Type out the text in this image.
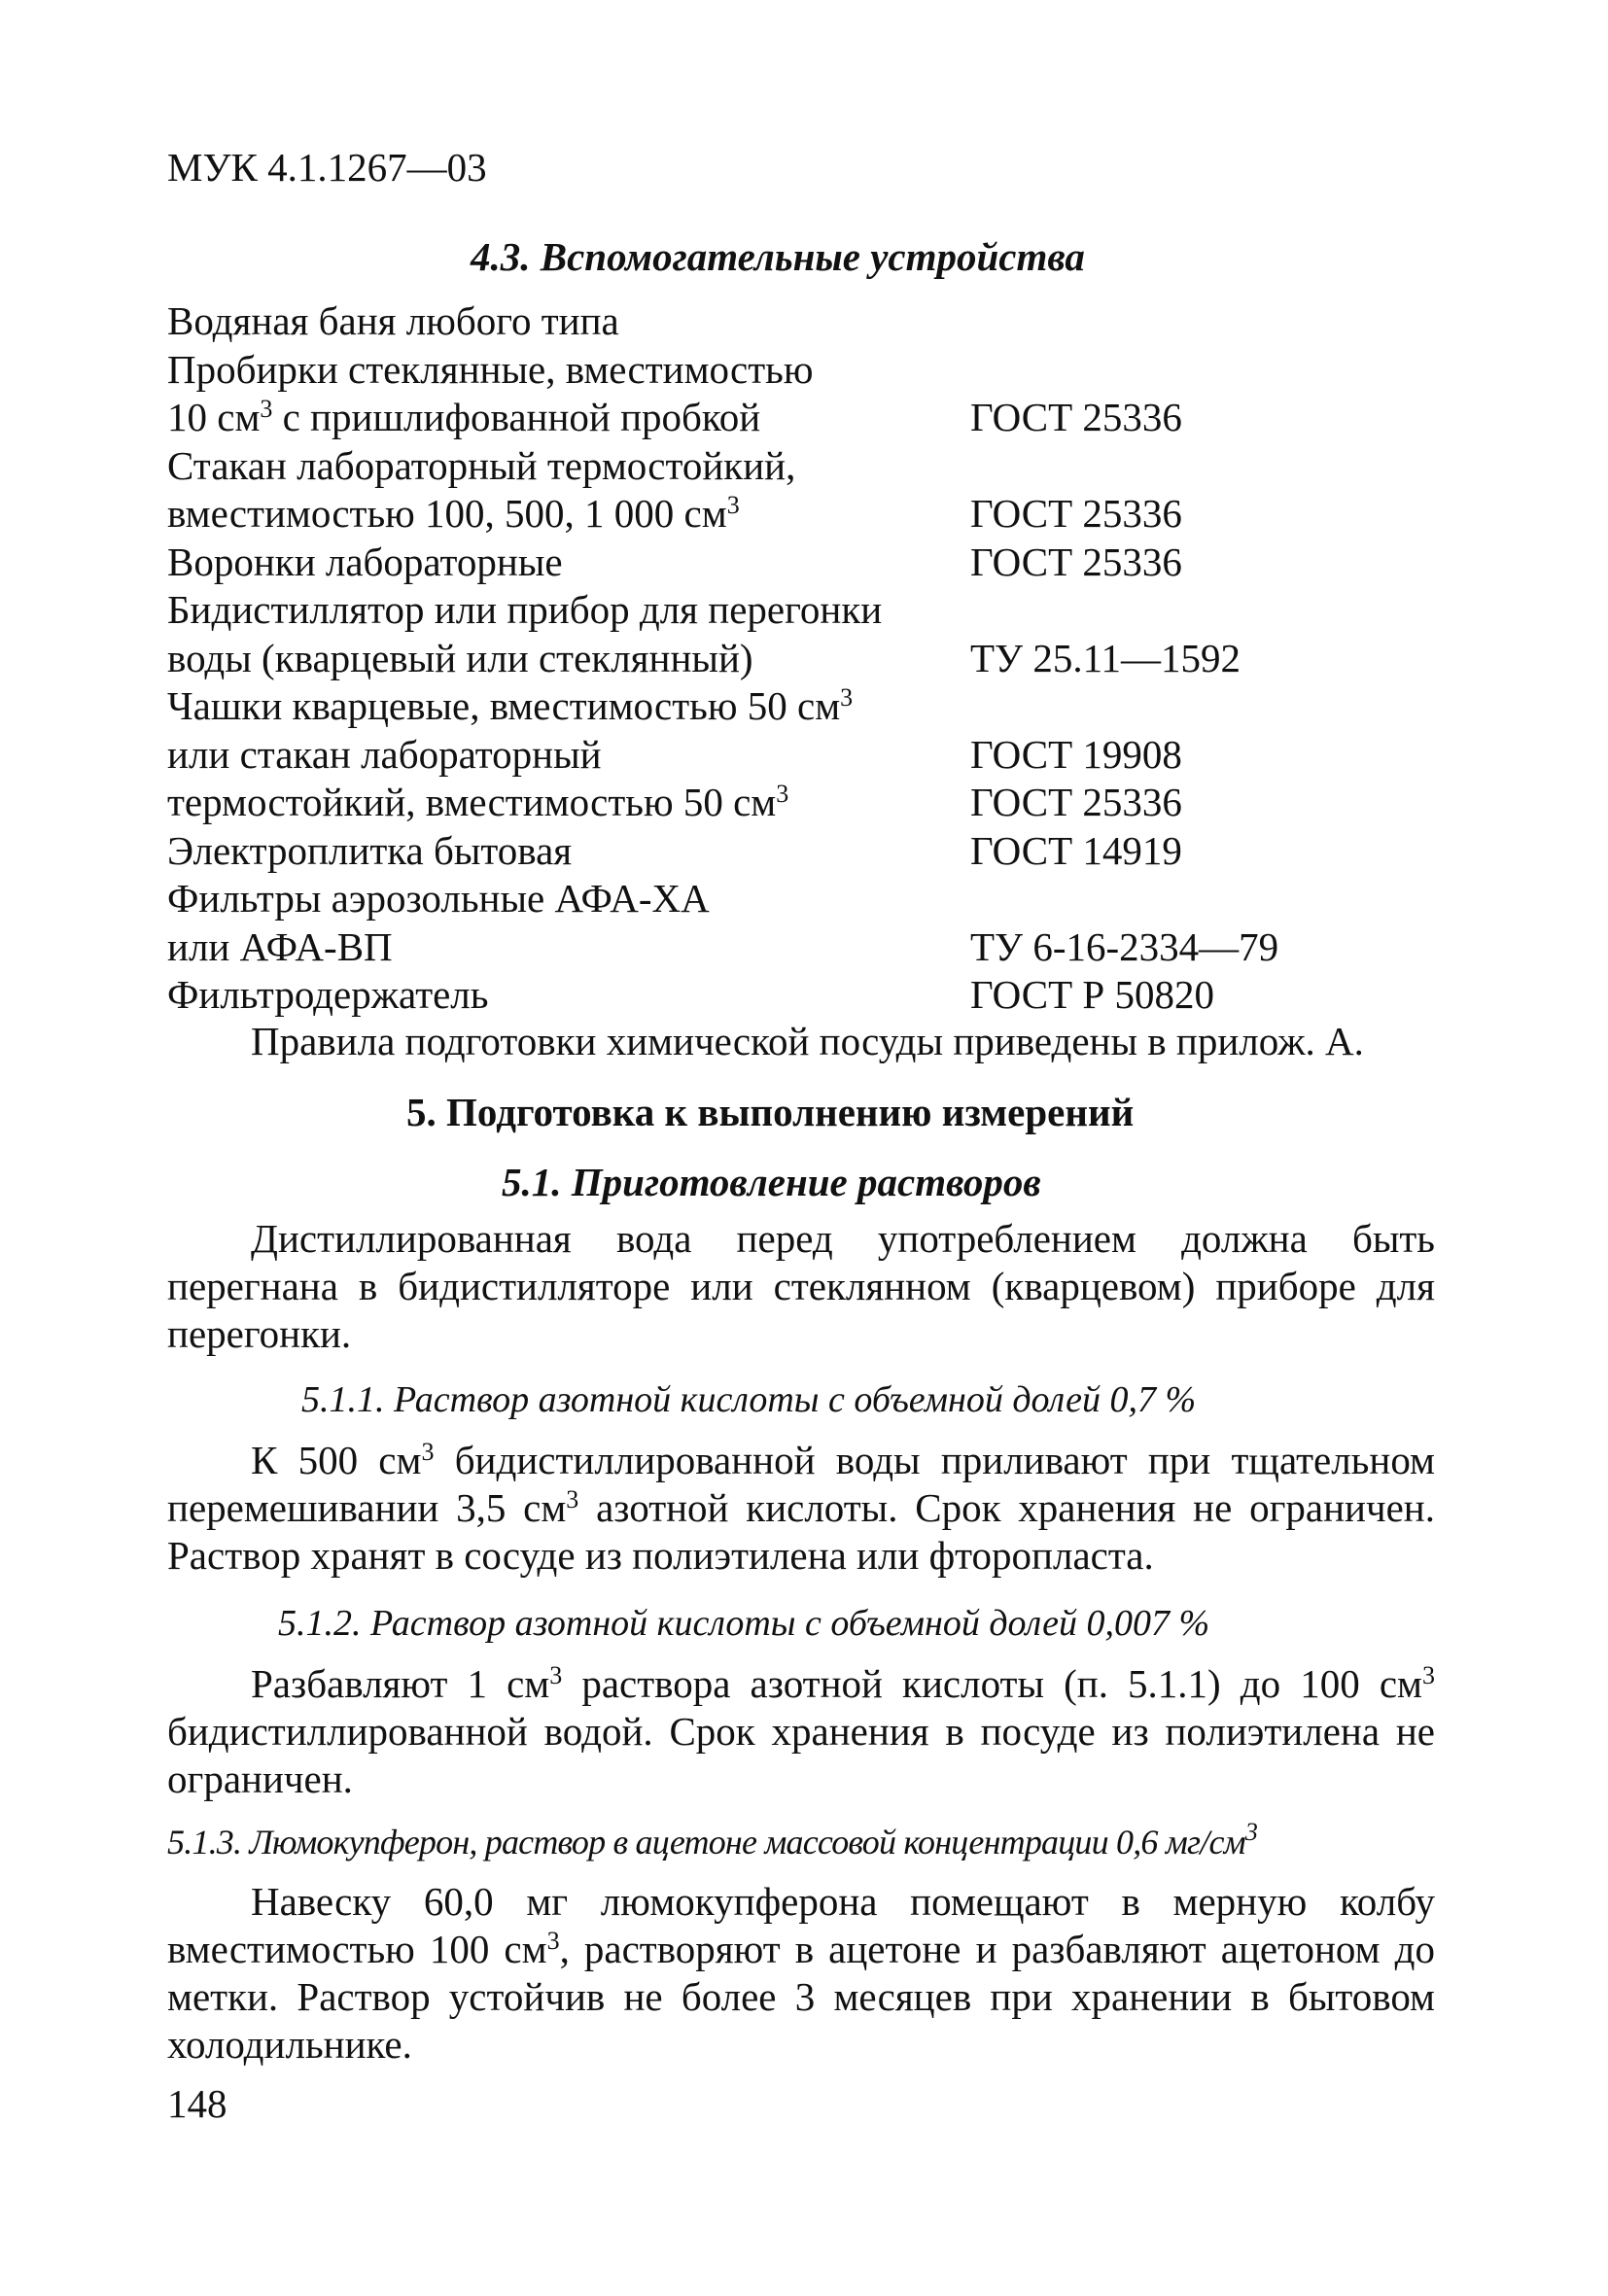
МУК 4.1.1267—03
4.3. Вспомогательные устройства
Водяная баня любого типа
Пробирки стеклянные, вместимостью
10 $см^3$ с пришлифованной пробкой	ГОСТ 25336
Стакан лабораторный термостойкий,
вместимостью 100, 500, 1 000 $см^3$	ГОСТ 25336
Воронки лабораторные	ГОСТ 25336
Бидистиллятор или прибор для перегонки
воды (кварцевый или стеклянный)	ТУ 25.11—1592
Чашки кварцевые, вместимостью 50 $см^3$
или стакан лабораторный	ГОСТ 19908
термостойкий, вместимостью 50 $см^3$	ГОСТ 25336
Электроплитка бытовая	ГОСТ 14919
Фильтры аэрозольные АФА-ХА
или АФА-ВП	ТУ 6-16-2334—79
Фильтродержатель	ГОСТ Р 50820
Правила подготовки химической посуды приведены в прилож. А.
5. Подготовка к выполнению измерений
5.1. Приготовление растворов
Дистиллированная вода перед употреблением должна быть перегнана в бидистилляторе или стеклянном (кварцевом) приборе для перегонки.
5.1.1. Раствор азотной кислоты с объемной долей 0,7 %
К 500 $см^3$ бидистиллированной воды приливают при тщательном перемешивании 3,5 $см^3$ азотной кислоты. Срок хранения не ограничен. Раствор хранят в сосуде из полиэтилена или фторопласта.
5.1.2. Раствор азотной кислоты с объемной долей 0,007 %
Разбавляют 1 $см^3$ раствора азотной кислоты (п. 5.1.1) до 100 $см^3$ бидистиллированной водой. Срок хранения в посуде из полиэтилена не ограничен.
5.1.3. Люмокупферон, раствор в ацетоне массовой концентрации 0,6 $мг/см^3$
Навеску 60,0 мг люмокупферона помещают в мерную колбу вместимостью 100 $см^3$, растворяют в ацетоне и разбавляют ацетоном до метки. Раствор устойчив не более 3 месяцев при хранении в бытовом холодильнике.
148
